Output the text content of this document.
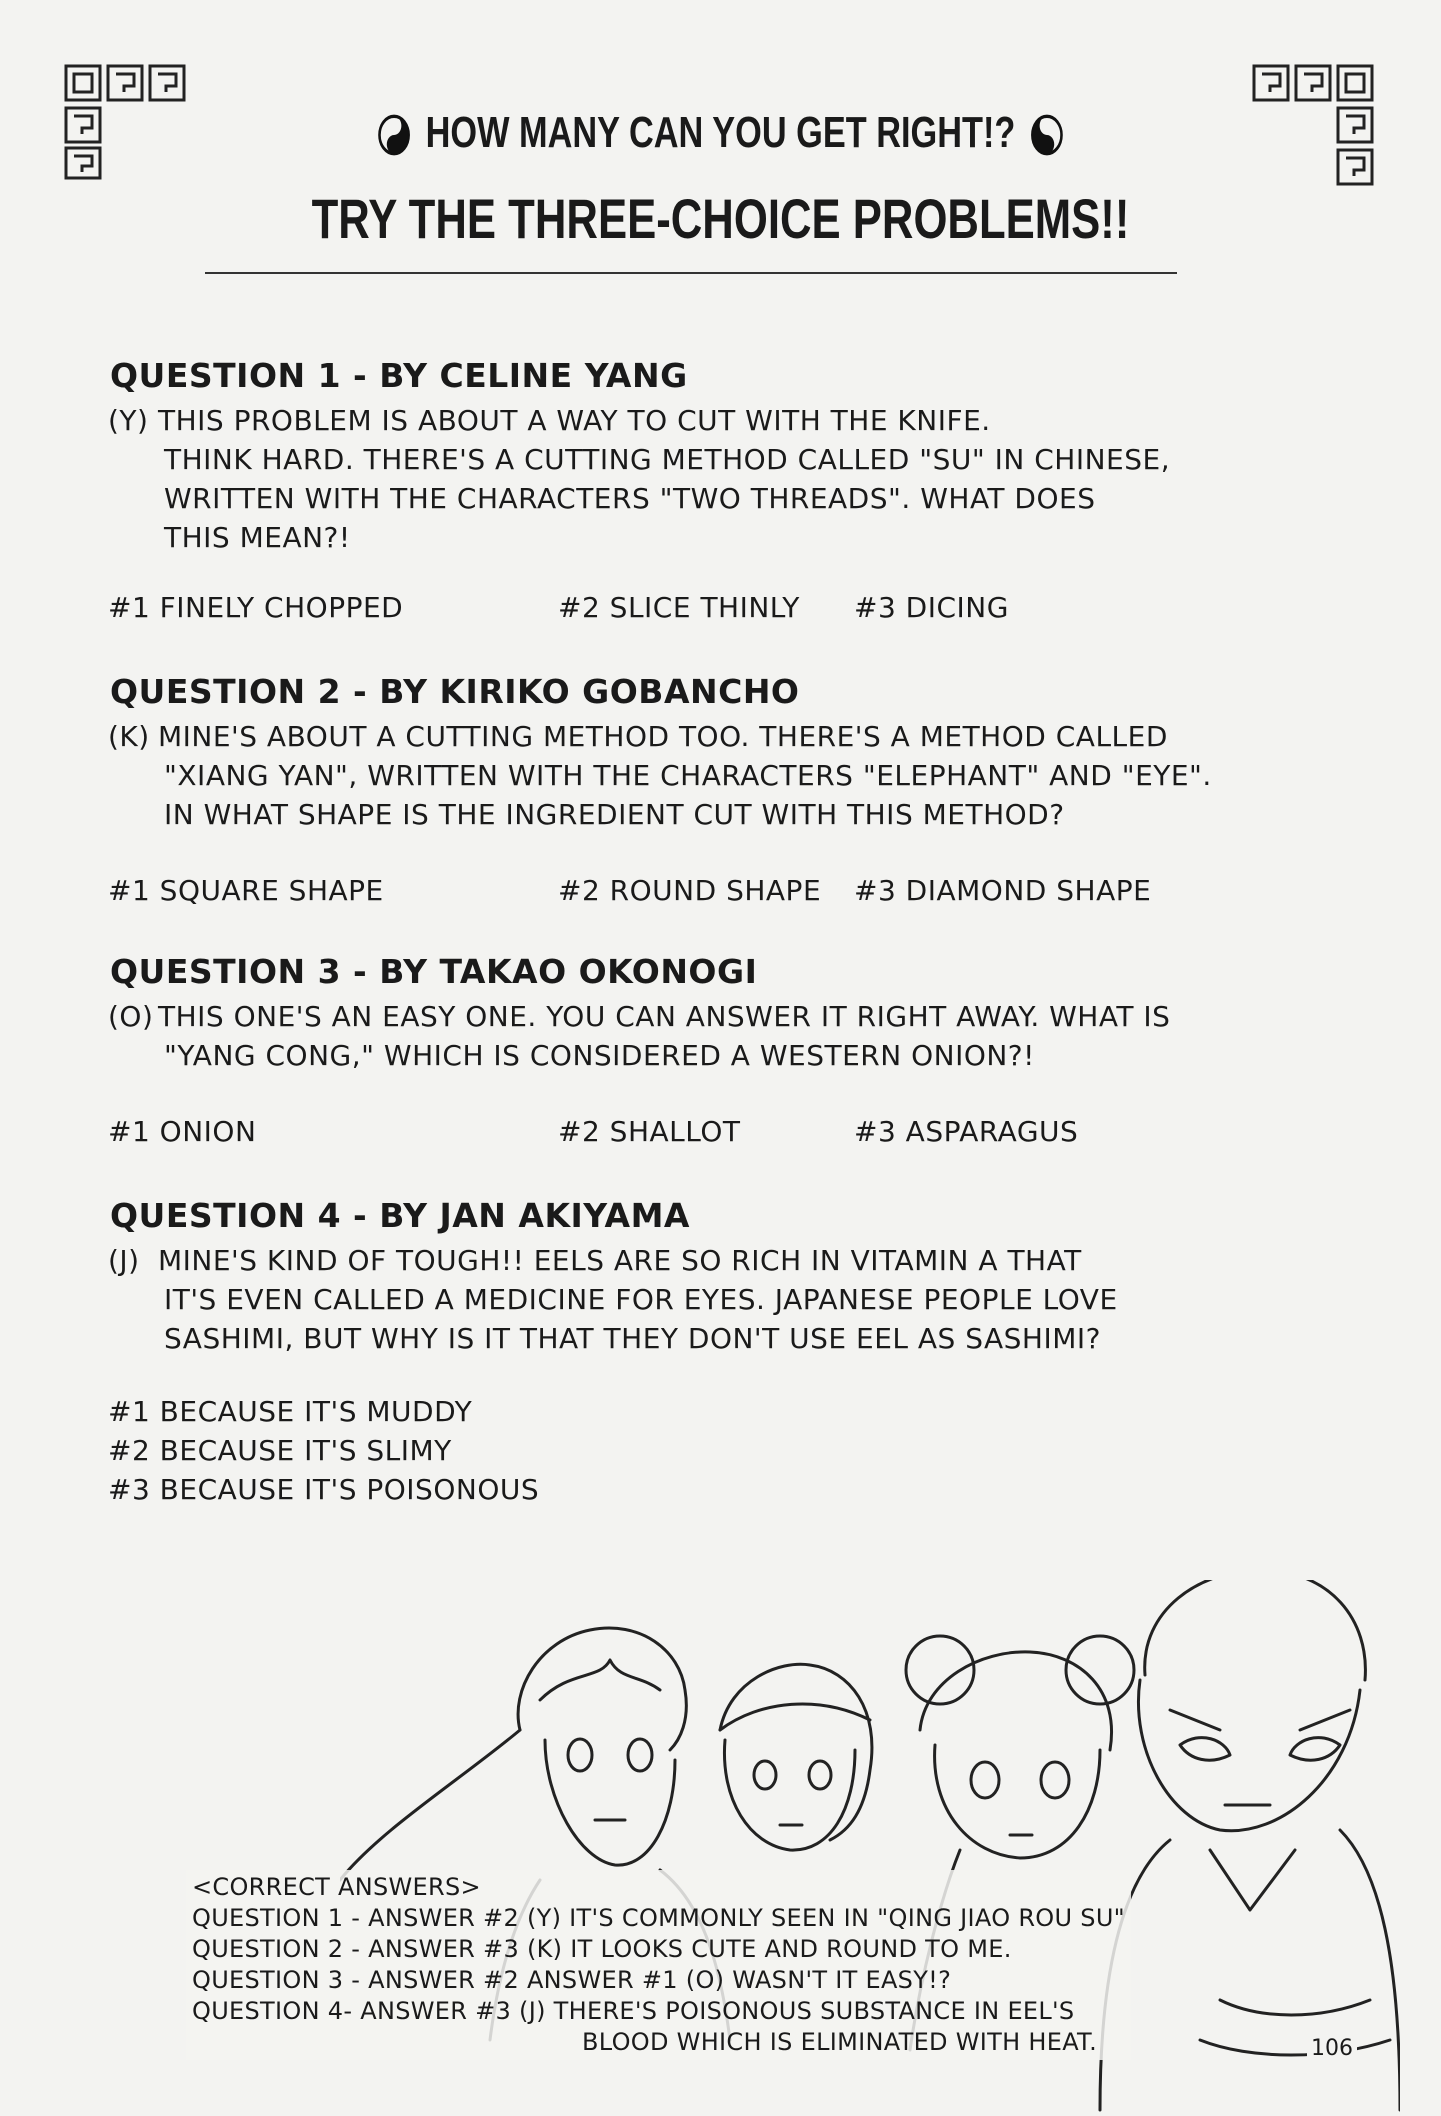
HOW MANY CAN YOU GET RIGHT!?
TRY THE THREE-CHOICE PROBLEMS!!
QUESTION 1 - BY CELINE YANG
(Y) THIS PROBLEM IS ABOUT A WAY TO CUT WITH THE KNIFE.
THINK HARD. THERE'S A CUTTING METHOD CALLED "SU" IN CHINESE,
WRITTEN WITH THE CHARACTERS "TWO THREADS". WHAT DOES
THIS MEAN?!
#1 FINELY CHOPPED	#2 SLICE THINLY #3 DICING
QUESTION 2 - BY KIRIKO GOBANCHO
(K) MINE'S ABOUT A CUTTING METHOD TOO. THERE'S A METHOD CALLED
"XIANG YAN", WRITTEN WITH THE CHARACTERS "ELEPHANT" AND "EYE".
IN WHAT SHAPE IS THE INGREDIENT CUT WITH THIS METHOD?
#1 SQUARE SHAPE	#2 ROUND SHAPE #3 DIAMOND SHAPE
QUESTION 3 - BY TAKAO OKONOGI
(O) THIS ONE'S AN EASY ONE. YOU CAN ANSWER IT RIGHT AWAY. WHAT IS
"YANG CONG," WHICH IS CONSIDERED A WESTERN ONION?!
#1 ONION	#2 SHALLOT	#3 ASPARAGUS
QUESTION 4 - BY JAN AKIYAMA
(J) MINE'S KIND OF TOUGH!! EELS ARE SO RICH IN VITAMIN A THAT
IT'S EVEN CALLED A MEDICINE FOR EYES. JAPANESE PEOPLE LOVE
SASHIMI, BUT WHY IS IT THAT THEY DON'T USE EEL AS SASHIMI?
#1 BECAUSE IT'S MUDDY
#2 BECAUSE IT'S SLIMY
#3 BECAUSE IT'S POISONOUS
<CORRECT ANSWERS>
QUESTION 1 - ANSWER #2 (Y) IT'S COMMONLY SEEN IN "QING JIAO ROU SU"
QUESTION 2 - ANSWER #3 (K) IT LOOKS CUTE AND ROUND TO ME.
QUESTION 3 - ANSWER #2 ANSWER #1 (O) WASN'T IT EASY!?
QUESTION 4- ANSWER #3 (J) THERE'S POISONOUS SUBSTANCE IN EEL'S
BLOOD WHICH IS ELIMINATED WITH HEAT.	106
